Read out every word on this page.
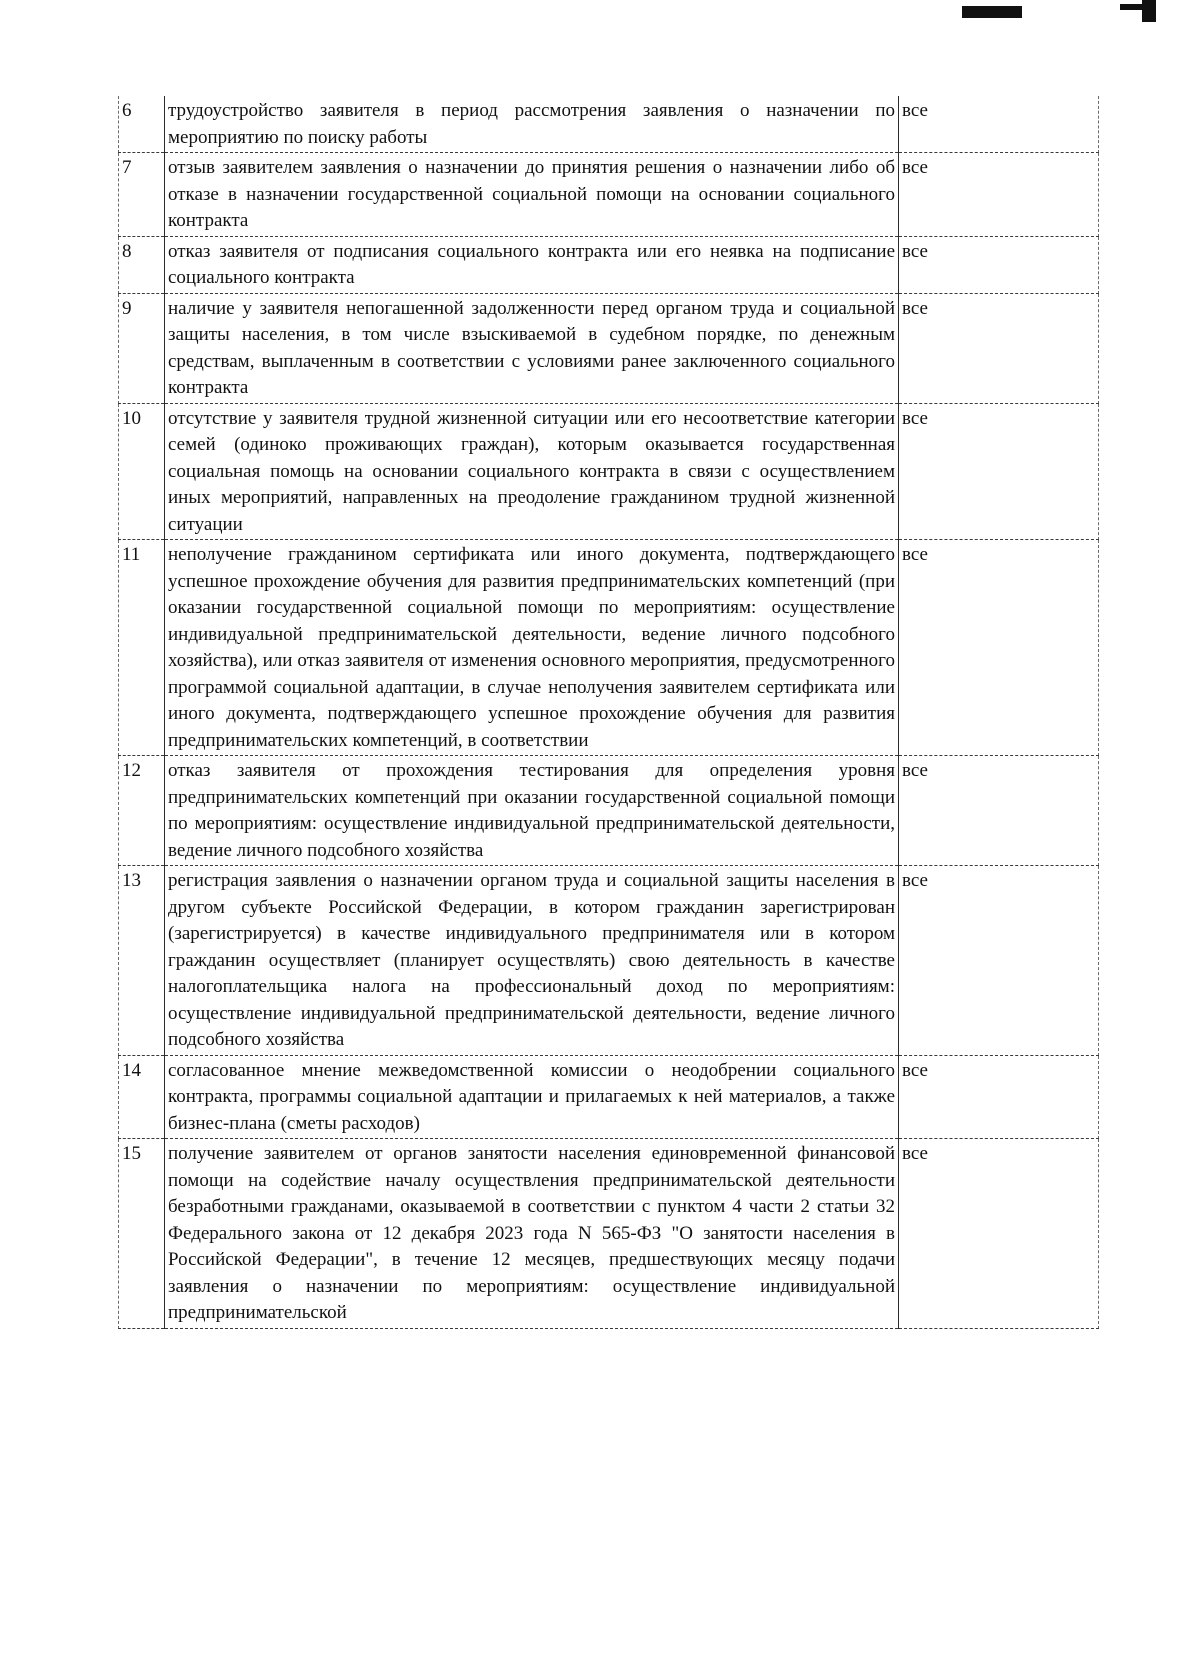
6	трудоустройство заявителя в период рассмотрения заявления о назначении по мероприятию по поиску работы	все
7	отзыв заявителем заявления о назначении до принятия решения о назначении либо об отказе в назначении государственной социальной помощи на основании социального контракта	все
8	отказ заявителя от подписания социального контракта или его неявка на подписание социального контракта	все
9	наличие у заявителя непогашенной задолженности перед органом труда и социальной защиты населения, в том числе взыскиваемой в судебном порядке, по денежным средствам, выплаченным в соответствии с условиями ранее заключенного социального контракта	все
10	отсутствие у заявителя трудной жизненной ситуации или его несоответствие категории семей (одиноко проживающих граждан), которым оказывается государственная социальная помощь на основании социального контракта в связи с осуществлением иных мероприятий, направленных на преодоление гражданином трудной жизненной ситуации	все
11	неполучение гражданином сертификата или иного документа, подтверждающего успешное прохождение обучения для развития предпринимательских компетенций (при оказании государственной социальной помощи по мероприятиям: осуществление индивидуальной предпринимательской деятельности, ведение личного подсобного хозяйства), или отказ заявителя от изменения основного мероприятия, предусмотренного программой социальной адаптации, в случае неполучения заявителем сертификата или иного документа, подтверждающего успешное прохождение обучения для развития предпринимательских компетенций, в соответствии	все
12	отказ заявителя от прохождения тестирования для определения уровня предпринимательских компетенций при оказании государственной социальной помощи по мероприятиям: осуществление индивидуальной предпринимательской деятельности, ведение личного подсобного хозяйства	все
13	регистрация заявления о назначении органом труда и социальной защиты населения в другом субъекте Российской Федерации, в котором гражданин зарегистрирован (зарегистрируется) в качестве индивидуального предпринимателя или в котором гражданин осуществляет (планирует осуществлять) свою деятельность в качестве налогоплательщика налога на профессиональный доход по мероприятиям: осуществление индивидуальной предпринимательской деятельности, ведение личного подсобного хозяйства	все
14	согласованное мнение межведомственной комиссии о неодобрении социального контракта, программы социальной адаптации и прилагаемых к ней материалов, а также бизнес-плана (сметы расходов)	все
15	получение заявителем от органов занятости населения единовременной финансовой помощи на содействие началу осуществления предпринимательской деятельности безработными гражданами, оказываемой в соответствии с пунктом 4 части 2 статьи 32 Федерального закона от 12 декабря 2023 года N 565-ФЗ "О занятости населения в Российской Федерации", в течение 12 месяцев, предшествующих месяцу подачи заявления о назначении по мероприятиям: осуществление индивидуальной предпринимательской	все
